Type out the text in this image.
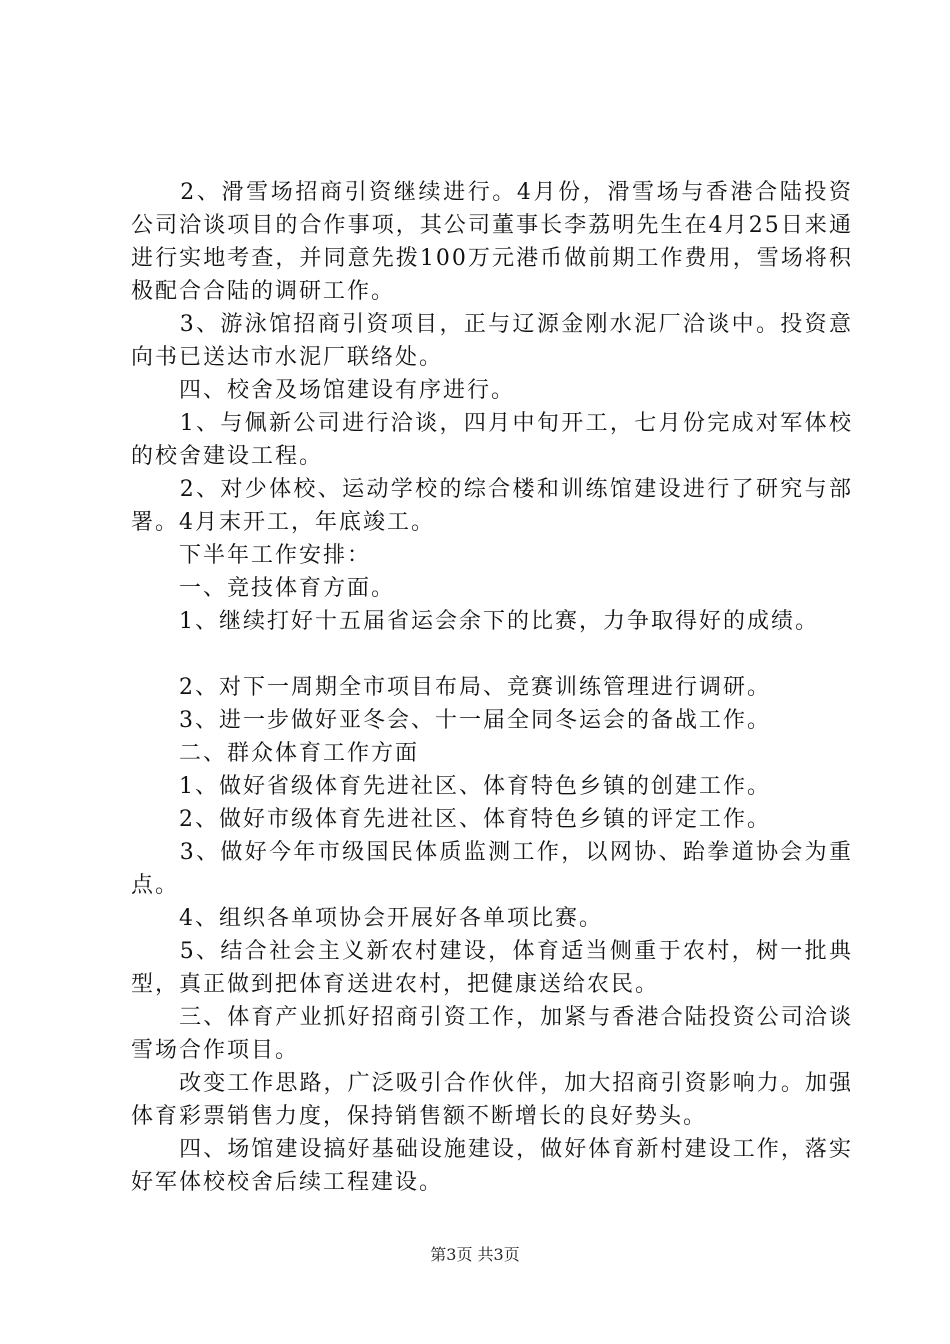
　　2、滑雪场招商引资继续进行。4月份，滑雪场与香港合陆投资公司洽谈项目的合作事项，其公司董事长李荔明先生在4月25日来通进行实地考查，并同意先拨100万元港币做前期工作费用，雪场将积极配合合陆的调研工作。

　　3、游泳馆招商引资项目，正与辽源金刚水泥厂洽谈中。投资意向书已送达市水泥厂联络处。

　　四、校舍及场馆建设有序进行。

　　1、与佩新公司进行洽谈，四月中旬开工，七月份完成对军体校的校舍建设工程。

　　2、对少体校、运动学校的综合楼和训练馆建设进行了研究与部署。4月末开工，年底竣工。

　　下半年工作安排：

　　一、竞技体育方面。

　　1、继续打好十五届省运会余下的比赛，力争取得好的成绩。

　　2、对下一周期全市项目布局、竞赛训练管理进行调研。

　　3、进一步做好亚冬会、十一届全同冬运会的备战工作。

　　二、群众体育工作方面

　　1、做好省级体育先进社区、体育特色乡镇的创建工作。

　　2、做好市级体育先进社区、体育特色乡镇的评定工作。

　　3、做好今年市级国民体质监测工作，以网协、跆拳道协会为重点。

　　4、组织各单项协会开展好各单项比赛。

　　5、结合社会主义新农村建设，体育适当侧重于农村，树一批典型，真正做到把体育送进农村，把健康送给农民。

　　三、体育产业抓好招商引资工作，加紧与香港合陆投资公司洽谈雪场合作项目。

　　改变工作思路，广泛吸引合作伙伴，加大招商引资影响力。加强体育彩票销售力度，保持销售额不断增长的良好势头。

　　四、场馆建设搞好基础设施建设，做好体育新村建设工作，落实好军体校校舍后续工程建设。

第3页 共3页
